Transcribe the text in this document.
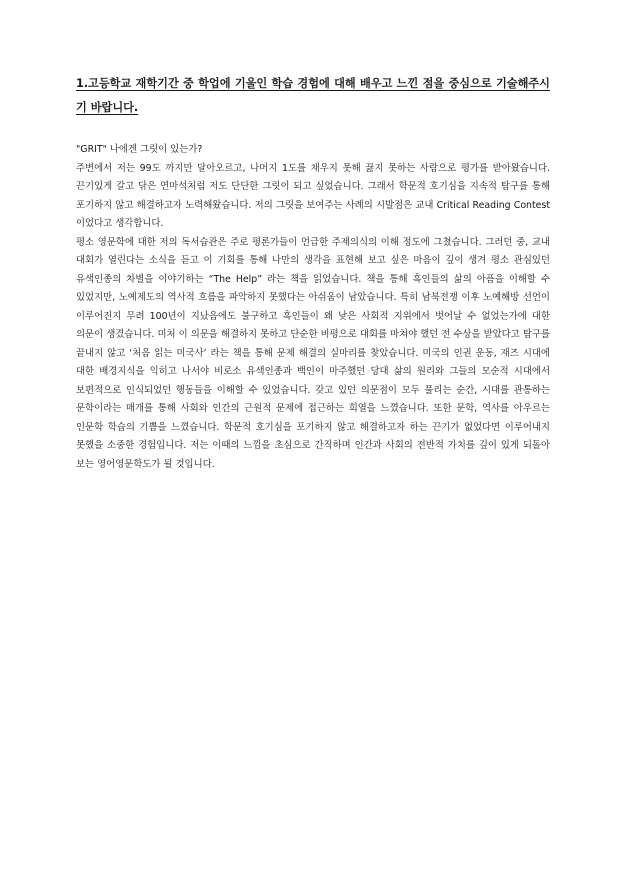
1.고등학교 재학기간 중 학업에 기울인 학습 경험에 대해 배우고 느낀 점을 중심으로 기술해주시기 바랍니다.

"GRIT" 나에겐 그릿이 있는가?

주변에서 저는 99도 까지만 달아오르고, 나머지 1도를 채우지 못해 끓지 못하는 사람으로 평가를 받아왔습니다. 끈기있게 갈고 닦은 연마석처럼 저도 단단한 그릿이 되고 싶었습니다. 그래서 학문적 호기심을 지속적 탐구를 통해 포기하지 않고 해결하고자 노력해왔습니다. 저의 그릿을 보여주는 사례의 시발점은 교내 Critical Reading Contest 이었다고 생각합니다.

평소 영문학에 대한 저의 독서습관은 주로 평론가들이 언급한 주제의식의 이해 정도에 그쳤습니다. 그러던 중, 교내 대회가 열린다는 소식을 듣고 이 기회를 통해 나만의 생각을 표현해 보고 싶은 마음이 깊이 생겨 평소 관심있던 유색인종의 차별을 이야기하는 “The Help” 라는 책을 읽었습니다. 책을 통해 흑인들의 삶의 아픔을 이해할 수 있었지만, 노예제도의 역사적 흐름을 파악하지 못했다는 아쉬움이 남았습니다. 특히 남북전쟁 이후 노예해방 선언이 이루어진지 무려 100년이 지났음에도 불구하고 흑인들이 왜 낮은 사회적 지위에서 벗어날 수 없었는가에 대한 의문이 생겼습니다. 미처 이 의문을 해결하지 못하고 단순한 비평으로 대회를 마쳐야 했던 전 수상을 받았다고 탐구를 끝내지 않고 ‘처음 읽는 미국사’ 라는 책을 통해 문제 해결의 실마리를 찾았습니다. 미국의 인권 운동, 재즈 시대에 대한 배경지식을 익히고 나서야 비로소 유색인종과 백인이 마주했던 당대 삶의 원리와 그들의 모순적 시대에서 보편적으로 인식되었던 행동들을 이해할 수 있었습니다. 갖고 있던 의문점이 모두 풀리는 순간, 시대를 관통하는 문학이라는 매개를 통해 사회와 인간의 근원적 문제에 접근하는 희열을 느꼈습니다. 또한 문학, 역사를 아우르는 인문학 학습의 기쁨을 느꼈습니다. 학문적 호기심을 포기하지 않고 해결하고자 하는 끈기가 없었다면 이루어내지 못했을 소중한 경험입니다. 저는 이때의 느낌을 초심으로 간직하며 인간과 사회의 전반적 가치를 깊이 있게 되돌아 보는 영어영문학도가 될 것입니다.
